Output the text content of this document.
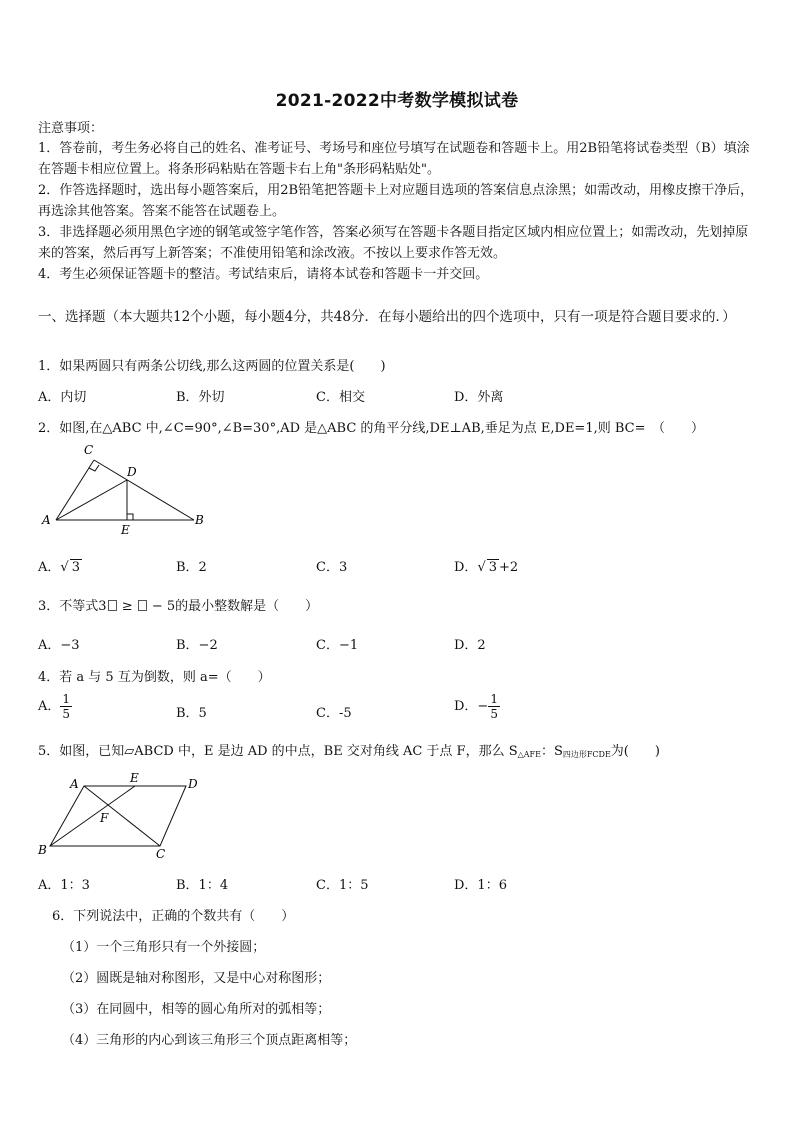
2021-2022中考数学模拟试卷
注意事项：
1．答卷前，考生务必将自己的姓名、准考证号、考场号和座位号填写在试题卷和答题卡上。用2B铅笔将试卷类型（B）填涂在答题卡相应位置上。将条形码粘贴在答题卡右上角"条形码粘贴处"。
2．作答选择题时，选出每小题答案后，用2B铅笔把答题卡上对应题目选项的答案信息点涂黑；如需改动，用橡皮擦干净后，再选涂其他答案。答案不能答在试题卷上。
3．非选择题必须用黑色字迹的钢笔或签字笔作答，答案必须写在答题卡各题目指定区域内相应位置上；如需改动，先划掉原来的答案，然后再写上新答案；不准使用铅笔和涂改液。不按以上要求作答无效。
4．考生必须保证答题卡的整洁。考试结束后，请将本试卷和答题卡一并交回。
一、选择题（本大题共12个小题，每小题4分，共48分．在每小题给出的四个选项中，只有一项是符合题目要求的．）
1．如果两圆只有两条公切线,那么这两圆的位置关系是(　　)
A．内切	B．外切	C．相交	D．外离
2．如图,在△ABC 中,∠C=90°,∠B=30°,AD 是△ABC 的角平分线,DE⊥AB,垂足为点 E,DE=1,则 BC=　（　　）
A
C
D
E
B
A．√ 3	B．2	C．3	D．√ 3 +2
3．不等式3 ≥  − 5的最小整数解是（　　）
A．−3	B．−2	C．−1	D．2
4．若 a 与 5 互为倒数，则 a=（　　）
A． $\frac{1}{5}$	B．5	C．-5	D．− $\frac{1}{5}$
5．如图，已知▱ABCD 中，E 是边 AD 的中点，BE 交对角线 AC 于点 F，那么 $S_{\triangle AFE}$：$S_{四边形FCDE}$为(　　)
A	E	D
F
B	C
A．1：3	B．1：4	C．1：5	D．1：6
6．下列说法中，正确的个数共有（　　）
（1）一个三角形只有一个外接圆；
（2）圆既是轴对称图形，又是中心对称图形；
（3）在同圆中，相等的圆心角所对的弧相等；
（4）三角形的内心到该三角形三个顶点距离相等；
